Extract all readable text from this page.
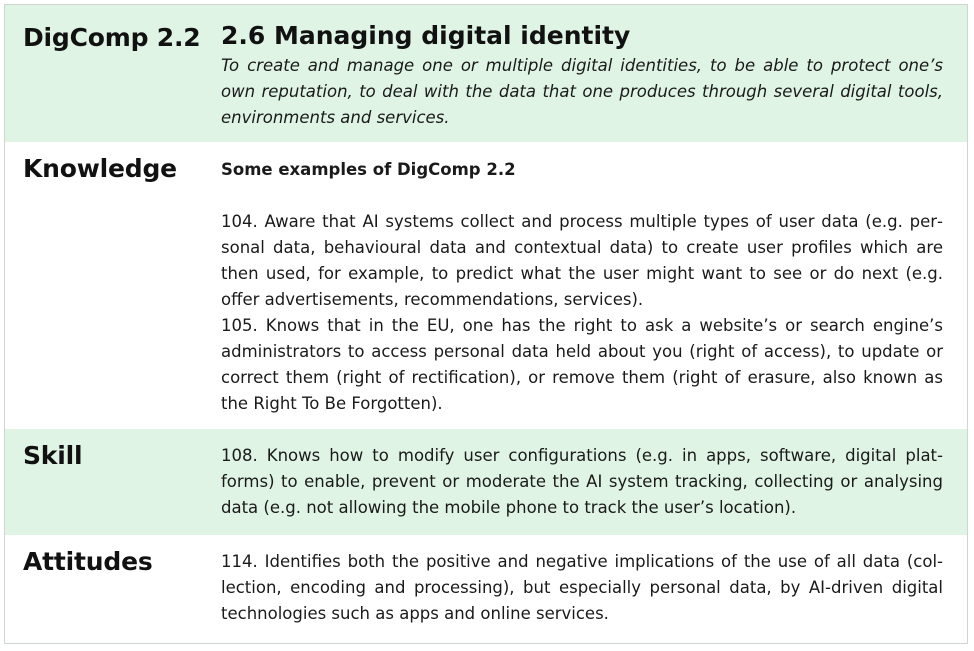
DigComp 2.2 2.6 Managing digital identity
To create and manage one or multiple digital identities, to be able to protect one’s own reputation, to deal with the data that one produces through several digital tools, environments and services.
Knowledge	Some examples of DigComp 2.2

104. Aware that AI systems collect and process multiple types of user data (e.g. personal data, behavioural data and contextual data) to create user profiles which are then used, for example, to predict what the user might want to see or do next (e.g. offer advertisements, recommendations, services).

105. Knows that in the EU, one has the right to ask a website’s or search engine’s administrators to access personal data held about you (right of access), to update or correct them (right of rectification), or remove them (right of erasure, also known as the Right To Be Forgotten).

Skill	108. Knows how to modify user configurations (e.g. in apps, software, digital platforms) to enable, prevent or moderate the AI system tracking, collecting or analysing data (e.g. not allowing the mobile phone to track the user’s location).

Attitudes	114. Identifies both the positive and negative implications of the use of all data (collection, encoding and processing), but especially personal data, by AI-driven digital technologies such as apps and online services.
